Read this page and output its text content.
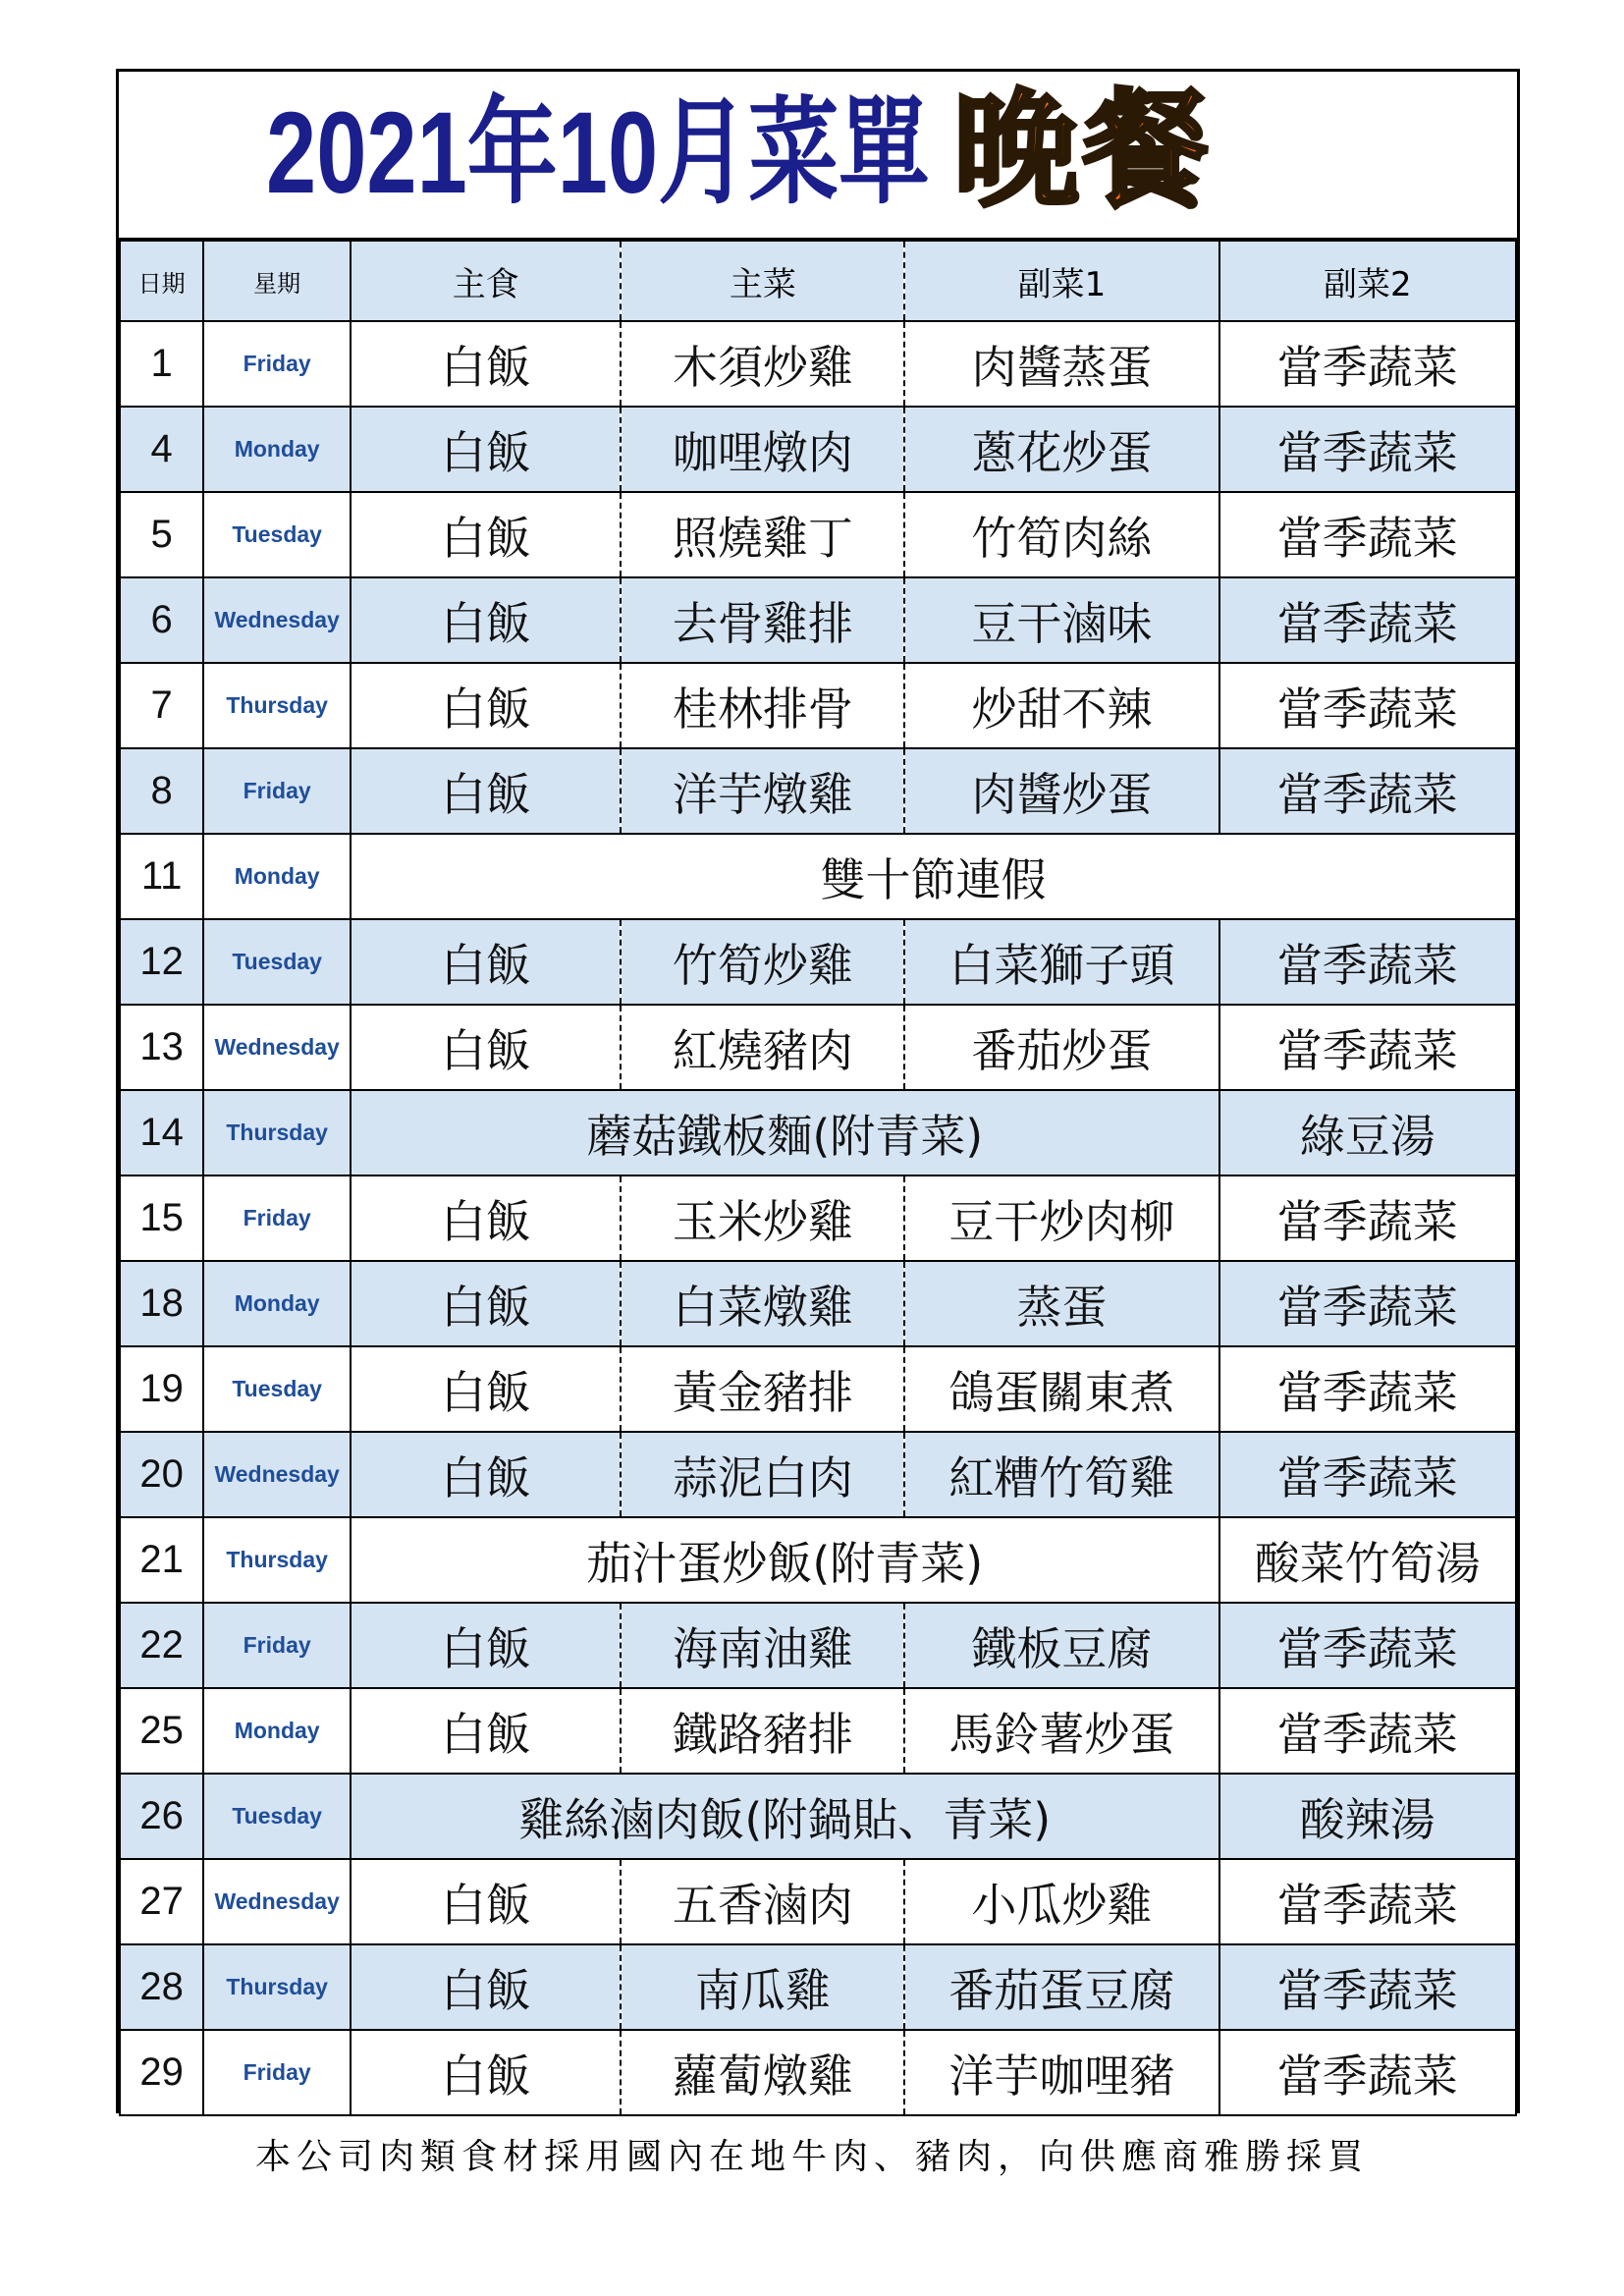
2021年10月菜單 晚餐
日期	星期	主食	主菜	副菜1	副菜2
1	Friday	白飯	木須炒雞	肉醬蒸蛋	當季蔬菜
4	Monday	白飯	咖哩燉肉	蔥花炒蛋	當季蔬菜
5	Tuesday	白飯	照燒雞丁	竹筍肉絲	當季蔬菜
6	Wednesday	白飯	去骨雞排	豆干滷味	當季蔬菜
7	Thursday	白飯	桂林排骨	炒甜不辣	當季蔬菜
8	Friday	白飯	洋芋燉雞	肉醬炒蛋	當季蔬菜
11	Monday	雙十節連假			
12	Tuesday	白飯	竹筍炒雞	白菜獅子頭	當季蔬菜
13	Wednesday	白飯	紅燒豬肉	番茄炒蛋	當季蔬菜
14	Thursday	蘑菇鐵板麵(附青菜)			綠豆湯
15	Friday	白飯	玉米炒雞	豆干炒肉柳	當季蔬菜
18	Monday	白飯	白菜燉雞	蒸蛋	當季蔬菜
19	Tuesday	白飯	黃金豬排	鴿蛋關東煮	當季蔬菜
20	Wednesday	白飯	蒜泥白肉	紅糟竹筍雞	當季蔬菜
21	Thursday	茄汁蛋炒飯(附青菜)			酸菜竹筍湯
22	Friday	白飯	海南油雞	鐵板豆腐	當季蔬菜
25	Monday	白飯	鐵路豬排	馬鈴薯炒蛋	當季蔬菜
26	Tuesday	雞絲滷肉飯(附鍋貼、青菜)			酸辣湯
27	Wednesday	白飯	五香滷肉	小瓜炒雞	當季蔬菜
28	Thursday	白飯	南瓜雞	番茄蛋豆腐	當季蔬菜
29	Friday	白飯	蘿蔔燉雞	洋芋咖哩豬	當季蔬菜
本公司肉類食材採用國內在地牛肉、豬肉，向供應商雅勝採買
